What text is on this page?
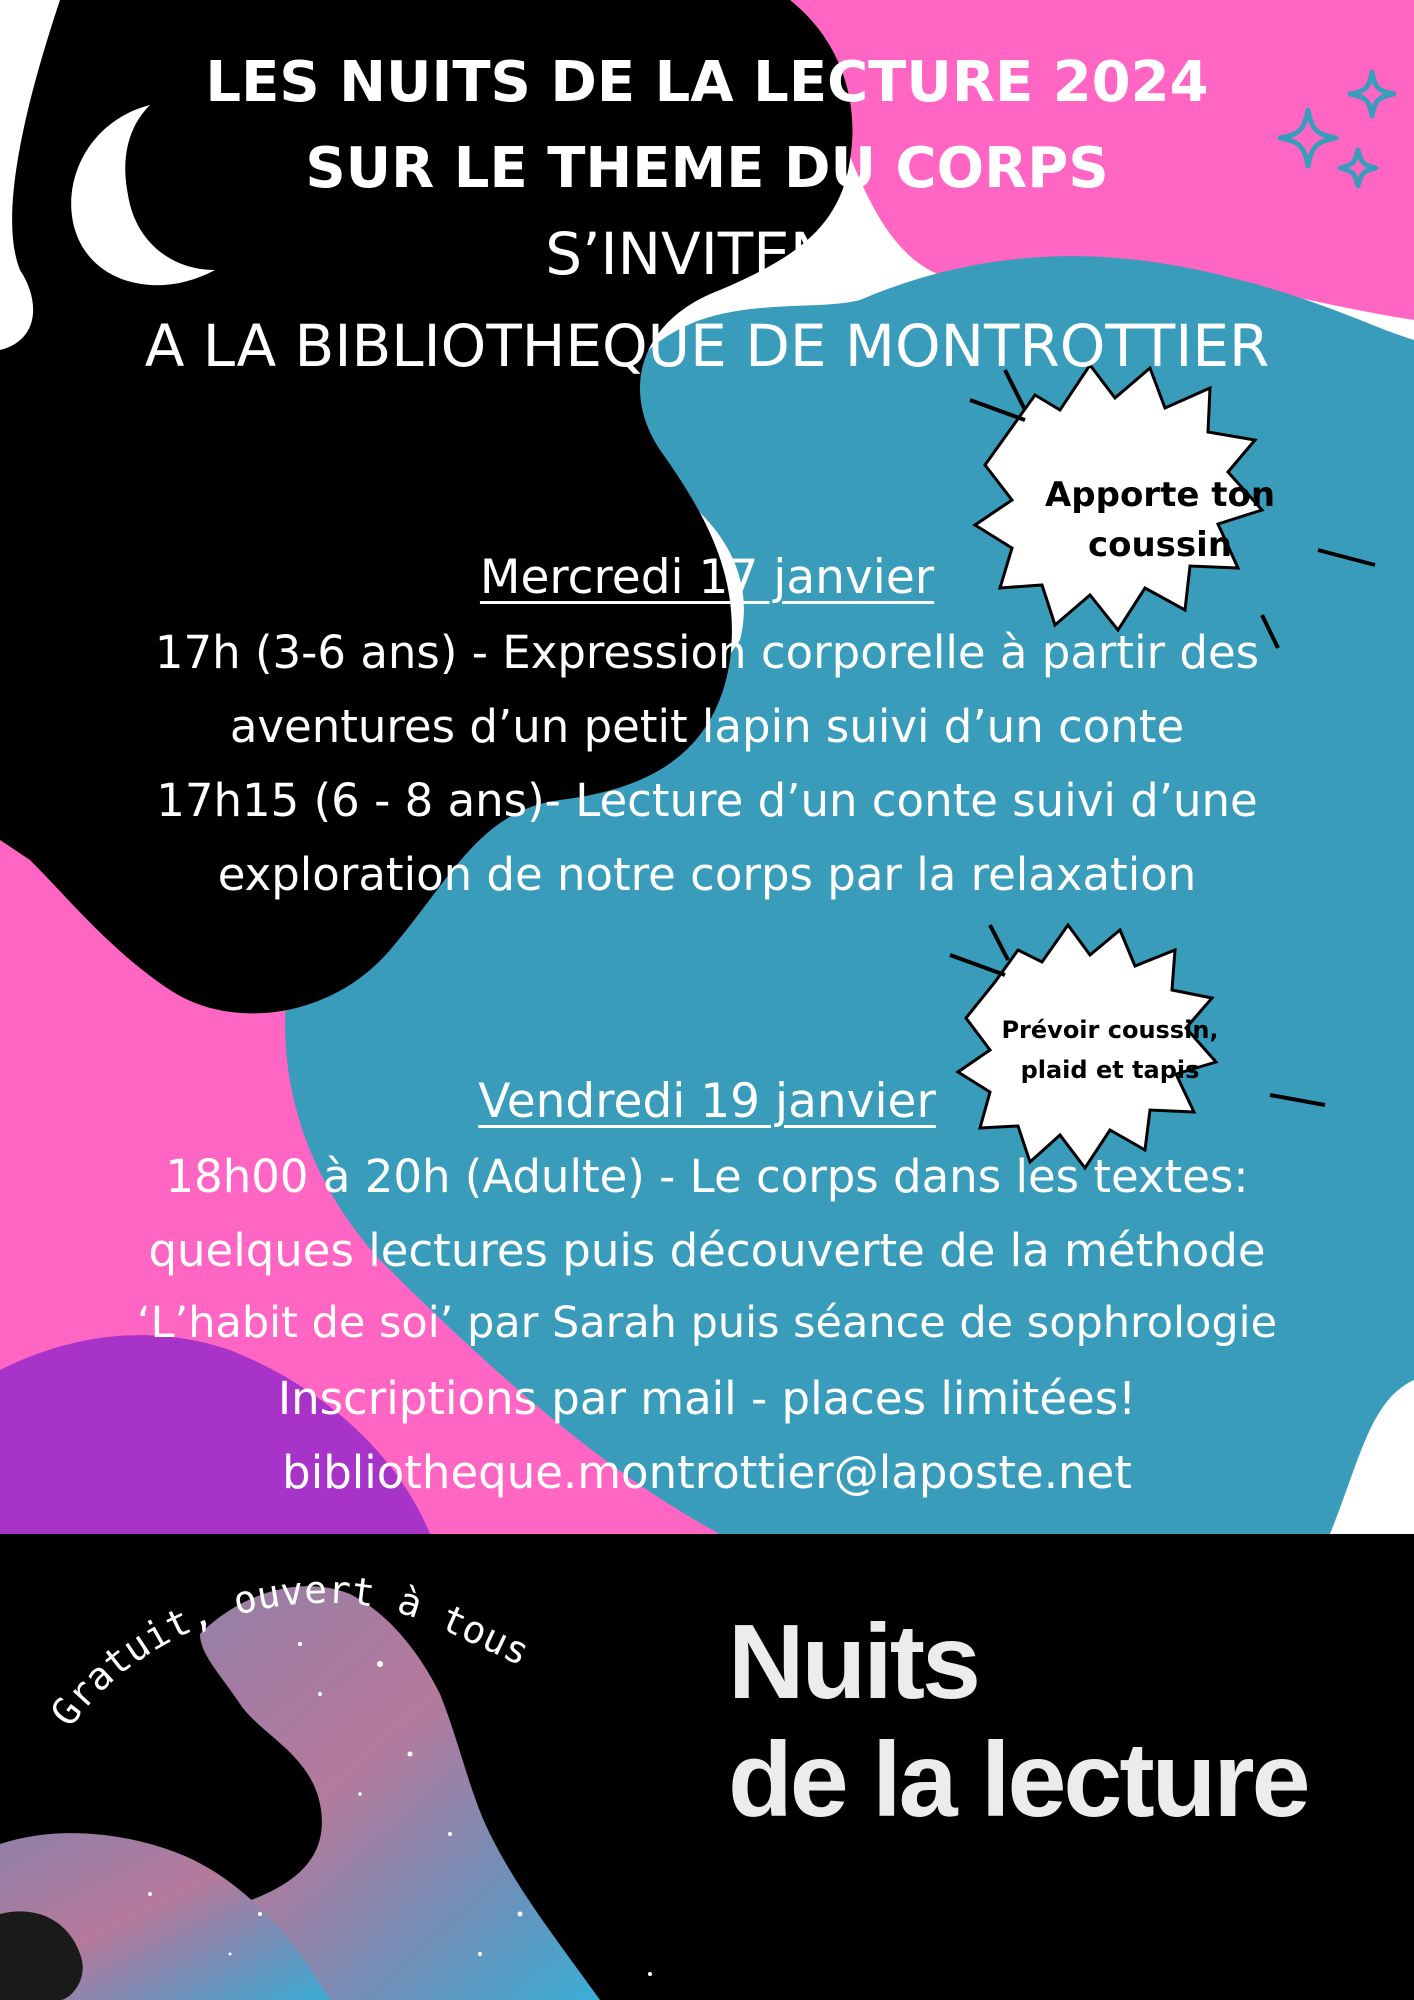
LES NUITS DE LA LECTURE 2024

SUR LE THEME DU CORPS

S’INVITENT

A LA BIBLIOTHEQUE DE MONTROTTIER

Apporte ton
coussin
Prévoir coussin,
plaid et tapis

Mercredi 17 janvier

17h (3-6 ans) - Expression corporelle à partir des

aventures d’un petit lapin suivi d’un conte

17h15 (6 - 8 ans)- Lecture d’un conte suivi d’une

exploration de notre corps par la relaxation

Vendredi 19 janvier

18h00 à 20h (Adulte) - Le corps dans les textes:

quelques lectures puis découverte de la méthode

‘L’habit de soi’ par Sarah puis séance de sophrologie

Inscriptions par mail - places limitées!

bibliotheque.montrottier@laposte.net

Gratuit, ouvert à tous Nuits

de la lecture
